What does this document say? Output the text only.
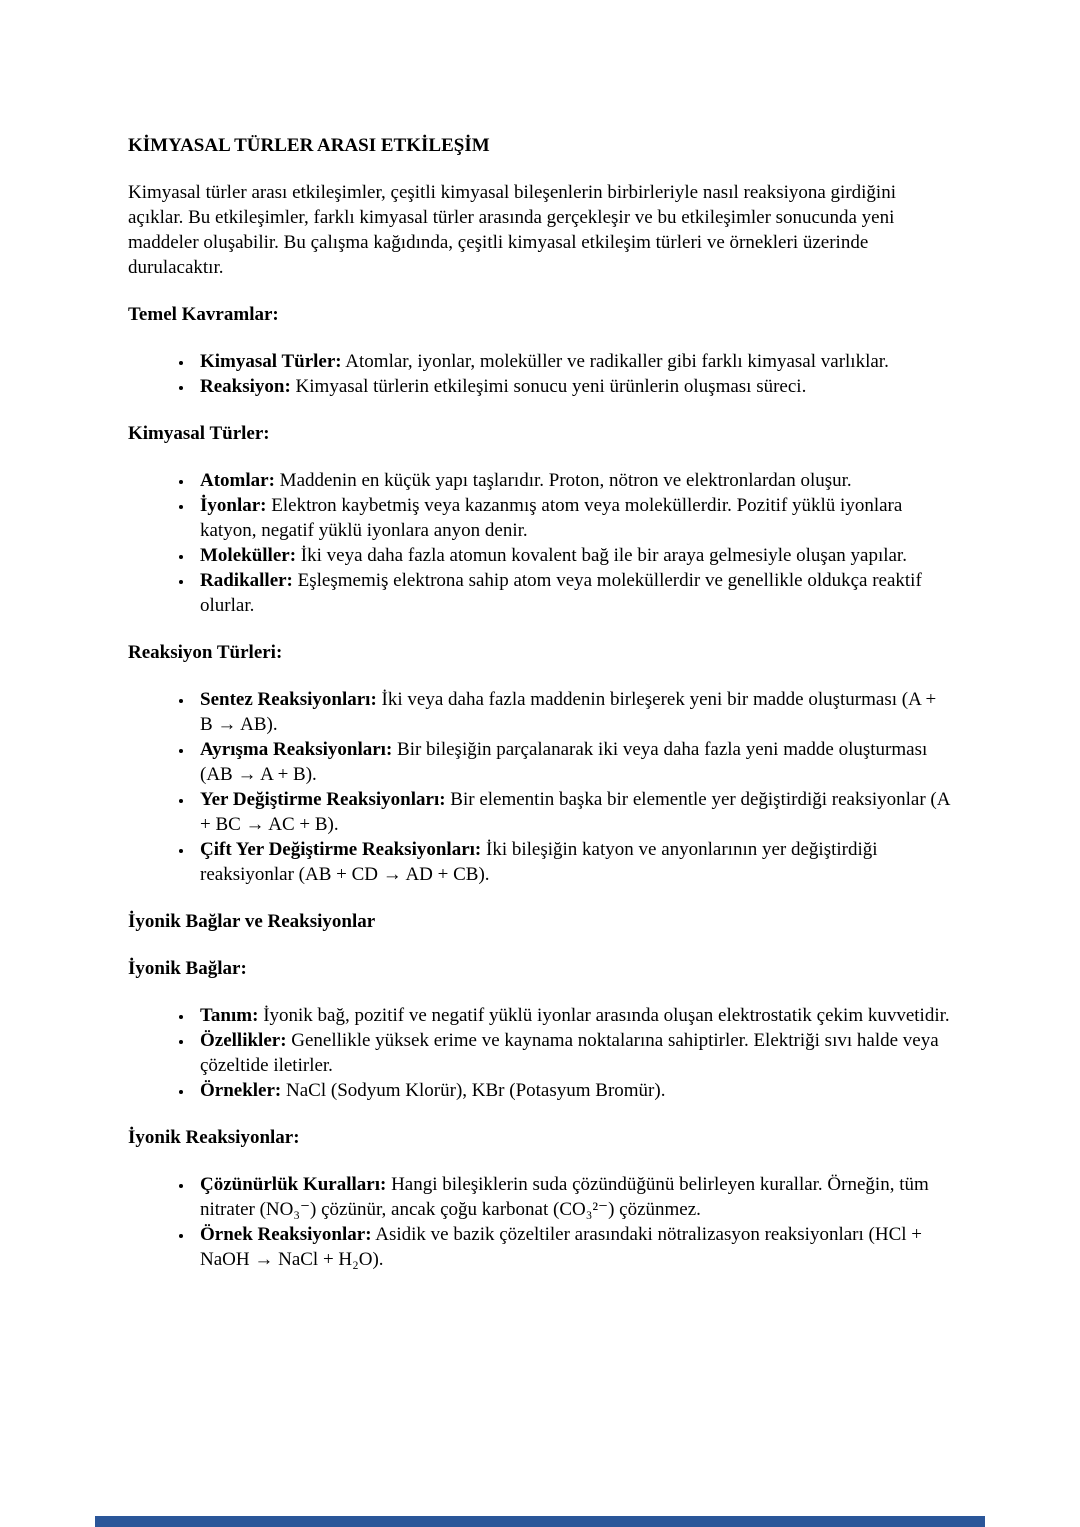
KİMYASAL TÜRLER ARASI ETKİLEŞİM

Kimyasal türler arası etkileşimler, çeşitli kimyasal bileşenlerin birbirleriyle nasıl reaksiyona girdiğini açıklar. Bu etkileşimler, farklı kimyasal türler arasında gerçekleşir ve bu etkileşimler sonucunda yeni maddeler oluşabilir. Bu çalışma kağıdında, çeşitli kimyasal etkileşim türleri ve örnekleri üzerinde durulacaktır.

Temel Kavramlar:

• Kimyasal Türler: Atomlar, iyonlar, moleküller ve radikaller gibi farklı kimyasal varlıklar.
• Reaksiyon: Kimyasal türlerin etkileşimi sonucu yeni ürünlerin oluşması süreci.

Kimyasal Türler:

• Atomlar: Maddenin en küçük yapı taşlarıdır. Proton, nötron ve elektronlardan oluşur.
• İyonlar: Elektron kaybetmiş veya kazanmış atom veya moleküllerdir. Pozitif yüklü iyonlara katyon, negatif yüklü iyonlara anyon denir.
• Moleküller: İki veya daha fazla atomun kovalent bağ ile bir araya gelmesiyle oluşan yapılar.
• Radikaller: Eşleşmemiş elektrona sahip atom veya moleküllerdir ve genellikle oldukça reaktif olurlar.

Reaksiyon Türleri:

• Sentez Reaksiyonları: İki veya daha fazla maddenin birleşerek yeni bir madde oluşturması (A + B → AB).
• Ayrışma Reaksiyonları: Bir bileşiğin parçalanarak iki veya daha fazla yeni madde oluşturması (AB → A + B).
• Yer Değiştirme Reaksiyonları: Bir elementin başka bir elementle yer değiştirdiği reaksiyonlar (A + BC → AC + B).
• Çift Yer Değiştirme Reaksiyonları: İki bileşiğin katyon ve anyonlarının yer değiştirdiği reaksiyonlar (AB + CD → AD + CB).

İyonik Bağlar ve Reaksiyonlar

İyonik Bağlar:

• Tanım: İyonik bağ, pozitif ve negatif yüklü iyonlar arasında oluşan elektrostatik çekim kuvvetidir.
• Özellikler: Genellikle yüksek erime ve kaynama noktalarına sahiptirler. Elektriği sıvı halde veya çözeltide iletirler.
• Örnekler: NaCl (Sodyum Klorür), KBr (Potasyum Bromür).

İyonik Reaksiyonlar:

• Çözünürlük Kuralları: Hangi bileşiklerin suda çözündüğünü belirleyen kurallar. Örneğin, tüm nitrater (NO₃⁻) çözünür, ancak çoğu karbonat (CO₃²⁻) çözünmez.
• Örnek Reaksiyonlar: Asidik ve bazik çözeltiler arasındaki nötralizasyon reaksiyonları (HCl + NaOH → NaCl + H₂O).
